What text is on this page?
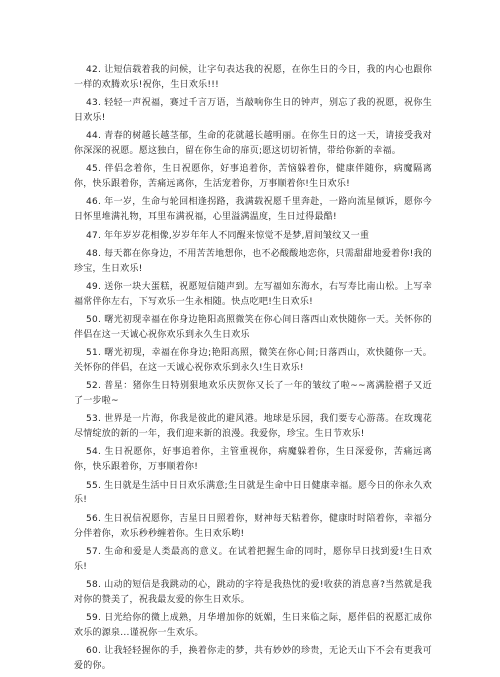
42. 让短信载着我的问候，让字句表达我的祝愿，在你生日的今日，我的内心也跟你一样的欢腾欢乐!祝你，生日欢乐!!!

43. 轻轻一声祝福，赛过千言万语，当敲响你生日的钟声，别忘了我的祝愿，祝你生日欢乐!

44. 青春的树越长越茎郁，生命的花就越长越明丽。在你生日的这一天，请接受我对你深深的祝愿。愿这独白，留在你生命的扉页;愿这切切祈情，带给你新的幸福。

45. 伴侣念着你，生日祝愿你，好事追着你，苦恼躲着你，健康伴随你，病魔隔离你，快乐跟着你，苦痛远离你，生活宠着你，万事顺着你!生日欢乐!

46. 年一岁，生命与轮回相逢拐路，我满载祝愿千里奔赴，一路向流星倾诉，愿你今日怀里堆满礼物，耳里布满祝福，心里溢满温度，生日过得最酷!

47. 年年岁岁花相像,岁岁年年人不同醒来惊觉不是梦,眉间皱纹又一重

48. 每天都在你身边，不用苦苦地想你，也不必酸酸地恋你，只需甜甜地爱着你!我的珍宝，生日欢乐!

49. 送你一块大蛋糕，祝愿短信随声到。左写福如东海水，右写寿比南山松。上写幸福常伴你左右，下写欢乐一生永相随。快点吃吧!生日欢乐!

50. 曙光初现幸福在你身边艳阳高照微笑在你心间日落西山欢快随你一天。关怀你的伴侣在这一天诚心祝你欢乐到永久生日欢乐

51. 曙光初现，幸福在你身边;艳阳高照，微笑在你心间;日落西山，欢快随你一天。关怀你的伴侣，在这一天诚心祝你欢乐到永久!生日欢乐!

52. 普星：猪你生日特别狠地欢乐庆贺你又长了一年的皱纹了啦~~离满脸褶子又近了一步啦~

53. 世界是一片海，你我是彼此的避风港。地球是乐园，我们要专心游荡。在玫瑰花尽情绽放的新的一年，我们迎来新的浪漫。我爱你，珍宝。生日节欢乐!

54. 生日祝愿你，好事追着你，主管重视你，病魔躲着你，生日深爱你，苦痛远离你，快乐跟着你，万事顺着你!

55. 生日就是生活中日日欢乐满意;生日就是生命中日日健康幸福。愿今日的你永久欢乐!

56. 生日祝信祝愿你，吉星日日照着你，财神每天粘着你，健康时时陪着你，幸福分分伴着你，欢乐秒秒缠着你。生日欢乐哟!

57. 生命和爱是人类最高的意义。在试着把握生命的同时，愿你早日找到爱!生日欢乐!

58. 山动的短信是我跳动的心，跳动的字符是我热忱的爱!收获的消息喜?当然就是我对你的赞美了，祝我最友爱的你生日欢乐。

59. 日光给你的微上成熟，月华增加你的妩媚，生日来临之际，愿伴侣的祝愿汇成你欢乐的源泉...谨祝你一生欢乐。

60. 让我轻轻握你的手，换着你走的梦，共有妙妙的珍贵，无论天山下不会有更我可爱的你。
